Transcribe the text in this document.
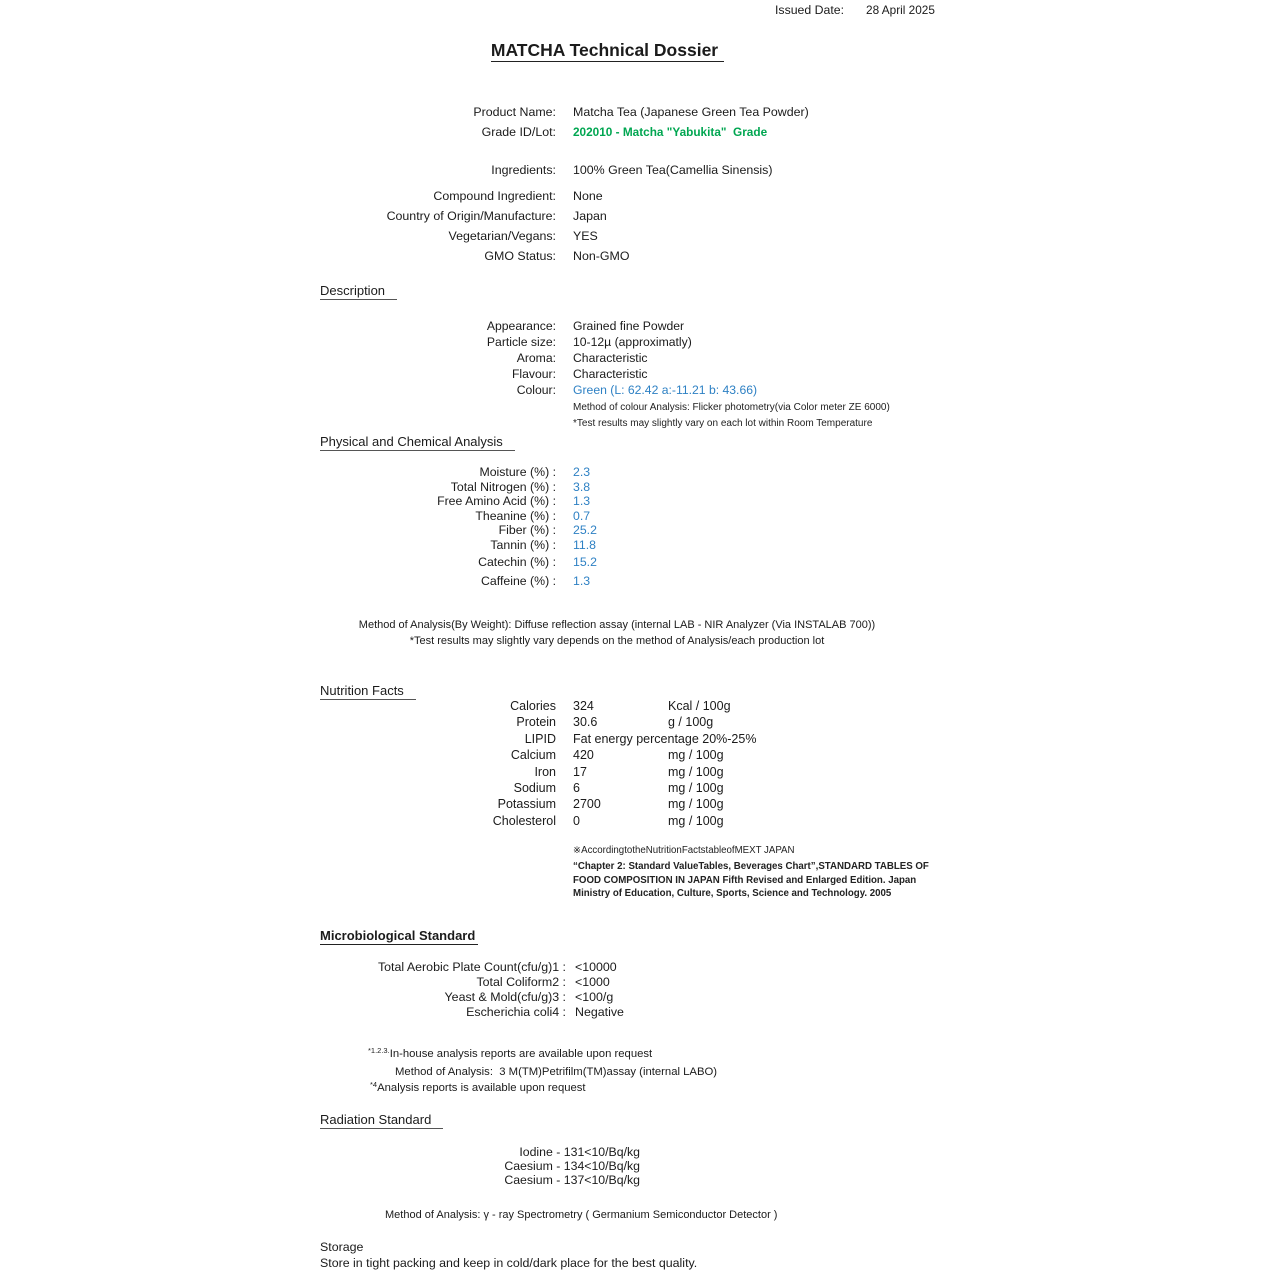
Issued Date: 28 April 2025
MATCHA Technical Dossier
Product Name: Matcha Tea (Japanese Green Tea Powder)
Grade ID/Lot: 202010 - Matcha "Yabukita"  Grade
Ingredients: 100% Green Tea(Camellia Sinensis)
Compound Ingredient: None
Country of Origin/Manufacture: Japan
Vegetarian/Vegans: YES
GMO Status: Non-GMO
Description
Appearance: Grained fine Powder
Particle size: 10-12µ (approximatly)
Aroma: Characteristic
Flavour: Characteristic
Colour: Green (L: 62.42 a:-11.21 b: 43.66)
Method of colour Analysis: Flicker photometry(via Color meter ZE 6000)
*Test results may slightly vary on each lot within Room Temperature
Physical and Chemical Analysis
Moisture (%) : 2.3
Total Nitrogen (%) : 3.8
Free Amino Acid (%) : 1.3
Theanine (%) : 0.7
Fiber (%) : 25.2
Tannin (%) : 11.8
Catechin (%) : 15.2
Caffeine (%) : 1.3
Method of Analysis(By Weight): Diffuse reflection assay (internal LAB - NIR Analyzer (Via INSTALAB 700))
*Test results may slightly vary depends on the method of Analysis/each production lot
Nutrition Facts
Calories 324	Kcal / 100g
Protein 30.6	g / 100g
LIPID Fat energy percentage 20%-25%
Calcium 420	mg / 100g
Iron 17	mg / 100g
Sodium 6	mg / 100g
Potassium 2700	mg / 100g
Cholesterol 0	mg / 100g
※AccordingtotheNutritionFactstableofMEXT JAPAN
“Chapter 2: Standard ValueTables, Beverages Chart”,STANDARD TABLES OF
FOOD COMPOSITION IN JAPAN Fifth Revised and Enlarged Edition. Japan
Ministry of Education, Culture, Sports, Science and Technology. 2005
Microbiological Standard
Total Aerobic Plate Count(cfu/g)1 : <10000
Total Coliform2 : <1000
Yeast & Mold(cfu/g)3 : <100/g
Escherichia coli4 : Negative
$^{*1.2.3.}$In-house analysis reports are available upon request
Method of Analysis:  3 M(TM)Petrifilm(TM)assay (internal LABO)
$^{*4}$Analysis reports is available upon request
Radiation Standard
Iodine - 131<10/Bq/kg
Caesium - 134<10/Bq/kg
Caesium - 137<10/Bq/kg
Method of Analysis: γ - ray Spectrometry ( Germanium Semiconductor Detector )
Storage
Store in tight packing and keep in cold/dark place for the best quality.
